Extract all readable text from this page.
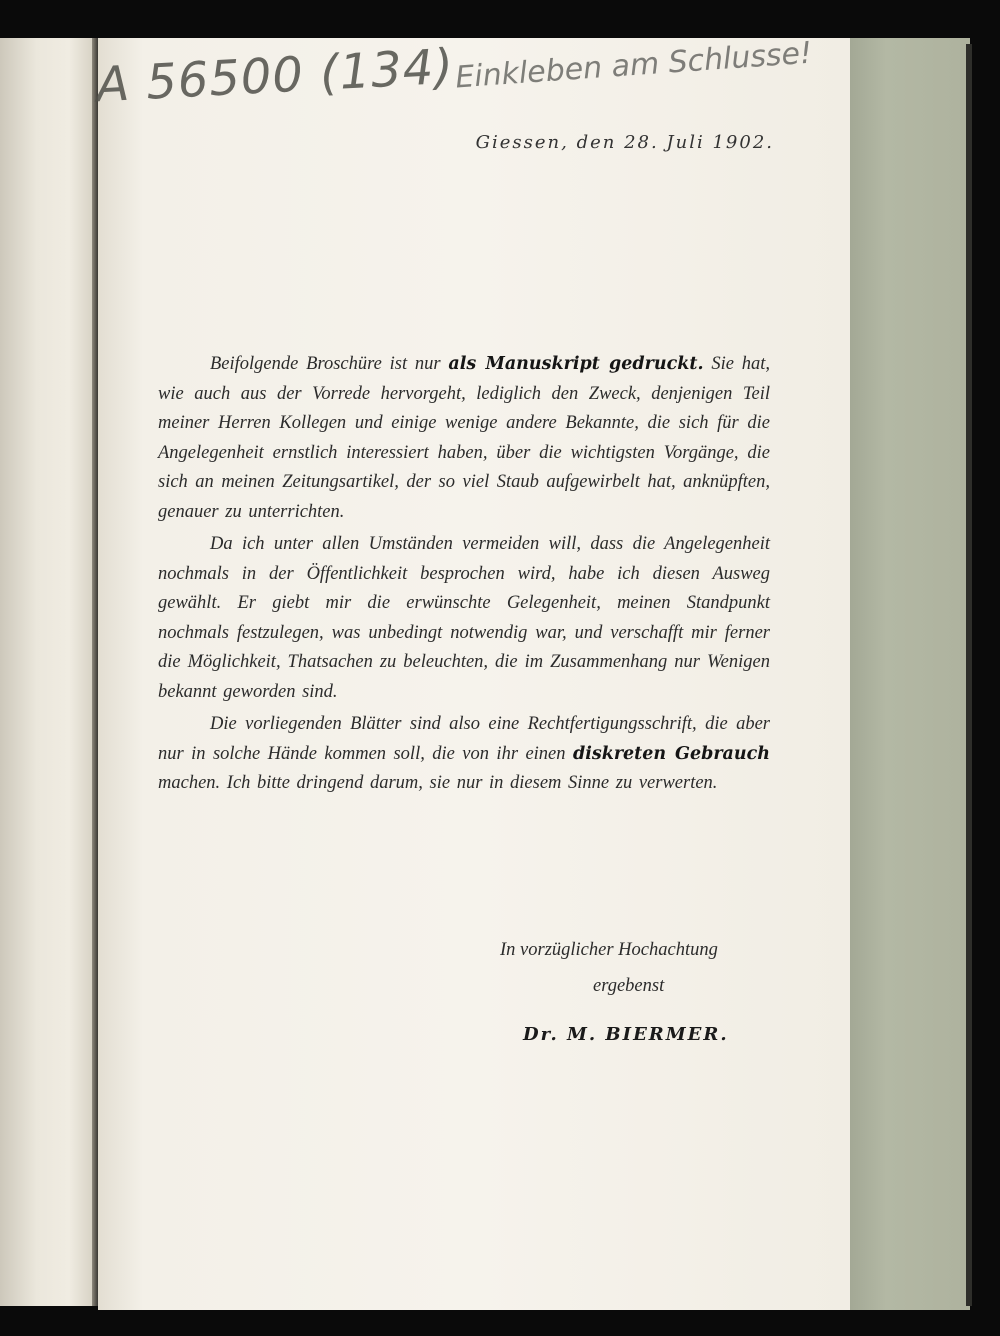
A 56500 (134)
Einkleben am Schlusse!
Giessen, den 28. Juli 1902.

Beifolgende Broschüre ist nur als Manuskript gedruckt. Sie hat, wie auch aus der Vorrede hervorgeht, lediglich den Zweck, denjenigen Teil meiner Herren Kollegen und einige wenige andere Bekannte, die sich für die Angelegenheit ernstlich interessiert haben, über die wichtigsten Vorgänge, die sich an meinen Zeitungsartikel, der so viel Staub aufgewirbelt hat, anknüpften, genauer zu unterrichten.

Da ich unter allen Umständen vermeiden will, dass die Angelegenheit nochmals in der Öffentlichkeit besprochen wird, habe ich diesen Ausweg gewählt. Er giebt mir die erwünschte Gelegenheit, meinen Standpunkt nochmals festzulegen, was unbedingt notwendig war, und verschafft mir ferner die Möglichkeit, Thatsachen zu beleuchten, die im Zusammenhang nur Wenigen bekannt geworden sind.

Die vorliegenden Blätter sind also eine Rechtfertigungsschrift, die aber nur in solche Hände kommen soll, die von ihr einen diskreten Gebrauch machen. Ich bitte dringend darum, sie nur in diesem Sinne zu verwerten.

In vorzüglicher Hochachtung
ergebenst
Dr. M. BIERMER.
